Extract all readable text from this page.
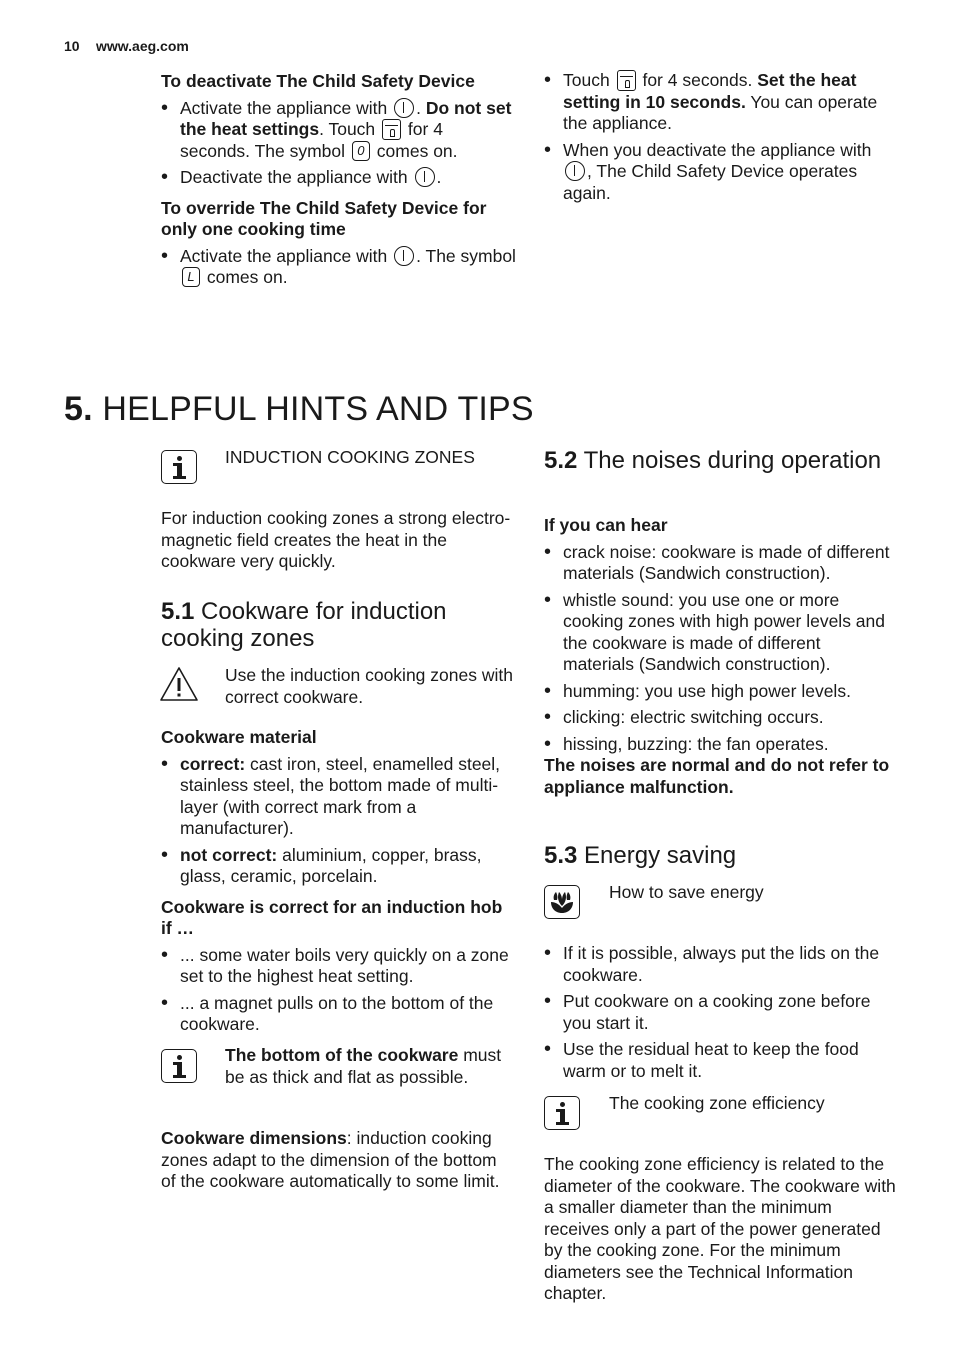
10 www.aeg.com

To deactivate The Child Safety Device

• Activate the appliance with . Do not set the heat settings. Touch for 4 seconds. The symbol 0 comes on.
• Deactivate the appliance with .

To override The Child Safety Device for only one cooking time

• Activate the appliance with . The symbol
L comes on.
• Touch for 4 seconds. Set the heat setting in 10 seconds. You can operate the appliance.
• When you deactivate the appliance with , The Child Safety Device operates again.
5. HELPFUL HINTS AND TIPS
INDUCTION COOKING ZONES
For induction cooking zones a strong electro-magnetic field creates the heat in the cookware very quickly.
5.1 Cookware for induction cooking zones
Use the induction cooking zones with correct cookware.

Cookware material

• correct: cast iron, steel, enamelled steel, stainless steel, the bottom made of multi-layer (with correct mark from a manufacturer).
• not correct: aluminium, copper, brass, glass, ceramic, porcelain.

Cookware is correct for an induction hob if …

• ... some water boils very quickly on a zone set to the highest heat setting.
• ... a magnet pulls on to the bottom of the cookware.
The bottom of the cookware must be as thick and flat as possible.
Cookware dimensions: induction cooking zones adapt to the dimension of the bottom of the cookware automatically to some limit.
5.2 The noises during operation

If you can hear

• crack noise: cookware is made of different materials (Sandwich construction).
• whistle sound: you use one or more cooking zones with high power levels and the cookware is made of different materials (Sandwich construction).
• humming: you use high power levels.
• clicking: electric switching occurs.
• hissing, buzzing: the fan operates.

The noises are normal and do not refer to appliance malfunction.

5.3 Energy saving
How to save energy
• If it is possible, always put the lids on the cookware.
• Put cookware on a cooking zone before you start it.
• Use the residual heat to keep the food warm or to melt it.
The cooking zone efficiency
The cooking zone efficiency is related to the diameter of the cookware. The cookware with a smaller diameter than the minimum receives only a part of the power generated by the cooking zone. For the minimum diameters see the Technical Information chapter.
